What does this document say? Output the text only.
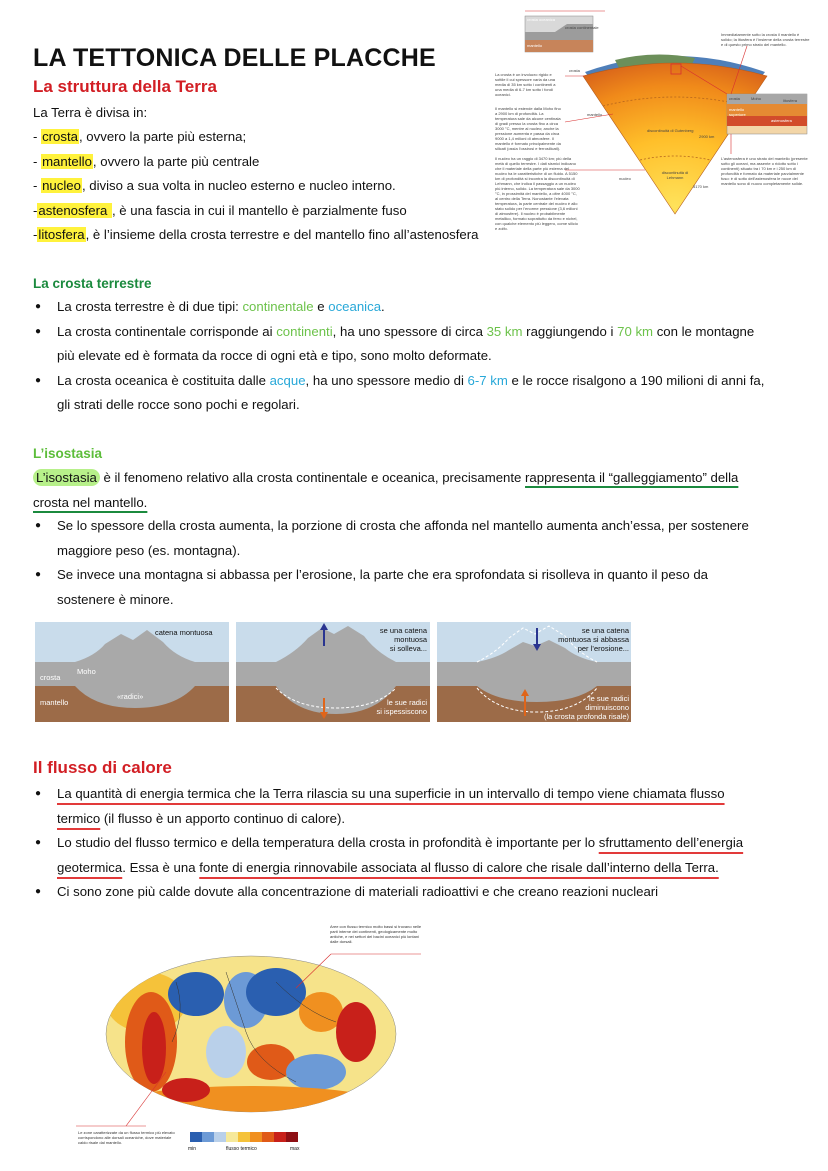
LA TETTONICA DELLE PLACCHE
La struttura della Terra
La Terra è divisa in:
- crosta, ovvero la parte più esterna;
- mantello, ovvero la parte più centrale
- nucleo, diviso a sua volta in nucleo esterno e nucleo interno.
-astenosfera , è una fascia in cui il mantello è parzialmente fuso
-litosfera, è l’insieme della crosta terrestre e del mantello fino all’astenosfera
crosta oceanica
crosta continentale
mantello
crosta
discontinuità di Gutenberg
discontinuità di Lehmann
mantello
nucleo
2900 km
5170 km
crosta	Moho	litosfera
mantello superiore
astenosfera
La crosta è un involucro rigido e sottile il cui spessore varia da una media di 35 km sotto i continenti a una media di 6-7 km sotto i fondi oceanici.
Il mantello si estende dalla Moho fino a 2900 km di profondità. La temperatura sale da alcune centinaia di gradi presso la crosta fino a circa 3000 °C, mentre al nucleo; anche la pressione aumenta e passa da circa 9000 a 1,4 milioni di atmosfere. Il mantello è formato principalmente da silicati (ossia l’ossirosi e ferrosilicati).
Il nucleo ha un raggio di 3470 km; più della metà di quello terrestre. I dati sismici indicano che il materiale della parte più esterna del nucleo ha le caratteristiche di un fluido. A 5150 km di profondità si incontra la discontinuità di Lehmann, che indica il passaggio a un nucleo più interno, solido. La temperatura sale da 3000 °C, in prossimità del mantello, a oltre 4000 °C, al centro della Terra. Nonostante l’elevata temperatura, la parte centrale del nucleo è allo stato solido per l’enorme pressione (3,6 milioni di atmosfere). Il nucleo è probabilmente metallico, formato soprattutto da ferro e nichel, con qualche elemento più leggero, come silicio e zolfo.
Immediatamente sotto la crosta il mantello è solido; la litosfera è l’insieme della crosta terrestre e di questo primo strato del mantello.
L’astenosfera è uno strato del mantello (presente sotto gli oceani, ma assente o ridotto sotto i continenti) situato tra i 70 km e i 250 km di profondità e formato da materiale parzialmente fuso: è di sotto dell’astenosfera le rocce del mantello sono di nuovo completamente solide.
La crosta terrestre
● La crosta terrestre è di due tipi: continentale e oceanica.
● La crosta continentale corrisponde ai continenti, ha uno spessore di circa 35 km raggiungendo i 70 km con le montagne
più elevate ed è formata da rocce di ogni età e tipo, sono molto deformate.
● La crosta oceanica è costituita dalle acque, ha uno spessore medio di 6-7 km e le rocce risalgono a 190 milioni di anni fa,
gli strati delle rocce sono pochi e regolari.
L’isostasia
L’isostasia è il fenomeno relativo alla crosta continentale e oceanica, precisamente rappresenta il “galleggiamento” della
crosta nel mantello.
● Se lo spessore della crosta aumenta, la porzione di crosta che affonda nel mantello aumenta anch’essa, per sostenere
maggiore peso (es. montagna).
● Se invece una montagna si abbassa per l’erosione, la parte che era sprofondata si risolleva in quanto il peso da
sostenere è minore.
catena montuosa
Moho
crosta
«radici»
mantello
se una catena
montuosa
si solleva...
le sue radici
si ispessiscono
se una catena
montuosa si abbassa
per l’erosione...
le sue radici
diminuiscono
(la crosta profonda risale)
Il flusso di calore
● La quantità di energia termica che la Terra rilascia su una superficie in un intervallo di tempo viene chiamata flusso
termico (il flusso è un apporto continuo di calore).
● Lo studio del flusso termico e della temperatura della crosta in profondità è importante per lo sfruttamento dell’energia
geotermica. Essa è una fonte di energia rinnovabile associata al flusso di calore che risale dall’interno della Terra.
● Ci sono zone più calde dovute alla concentrazione di materiali radioattivi e che creano reazioni nucleari
Aree con flusso termico molto bassi si trovano nelle parti interne dei continenti, geologicamente molto antiche, e nei settori dei bacini oceanici più lontani dalle dorsali.
Le zone caratterizzate da un flusso termico più elevato corrispondono alle dorsali oceaniche, dove materiale caldo risale dal mantello.
min	flusso termico	max
